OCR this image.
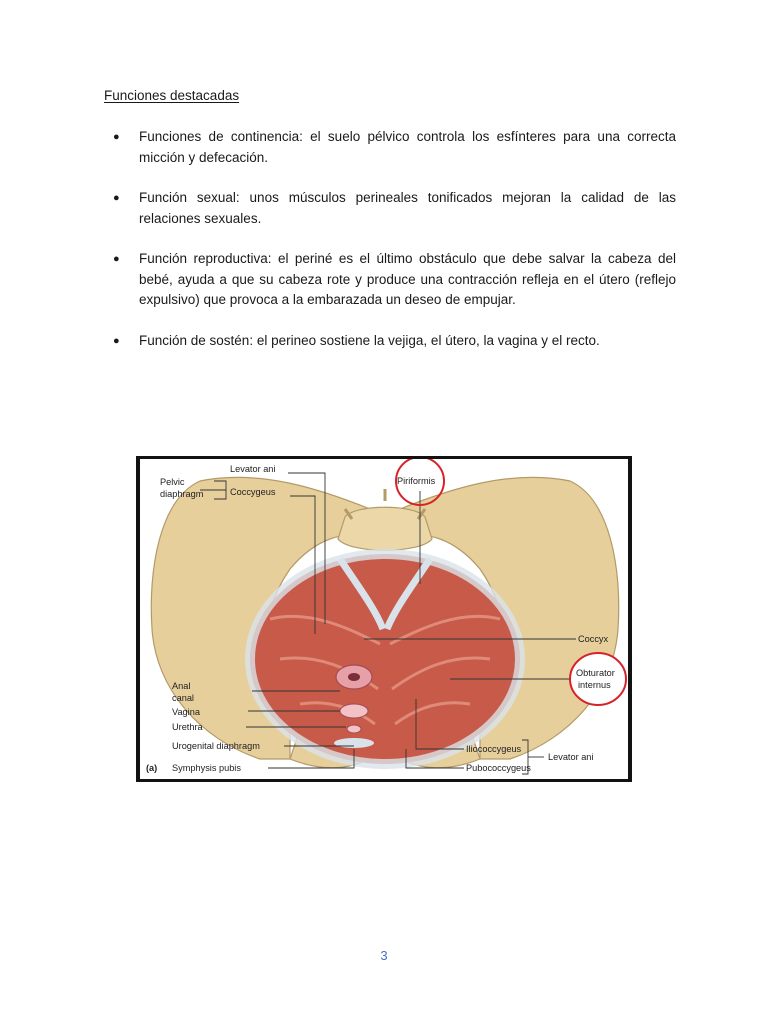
Funciones destacadas
●	Funciones de continencia: el suelo pélvico controla los esfínteres para una correcta micción y defecación.
●	Función sexual: unos músculos perineales tonificados mejoran la calidad de las relaciones sexuales.
●	Función reproductiva: el periné es el último obstáculo que debe salvar la cabeza del bebé, ayuda a que su cabeza rote y produce una contracción refleja en el útero (reflejo expulsivo) que provoca a la embarazada un deseo de empujar.
●	Función de sostén: el perineo sostiene la vejiga, el útero, la vagina y el recto.
Pelvic
diaphragm
Levator ani
Coccygeus
Piriformis
Coccyx
Obturator
internus
Anal
canal
Vagina
Urethra
Urogenital diaphragm
(a) Symphysis pubis
Iliococcygeus
Pubococcygeus
Levator ani
3
